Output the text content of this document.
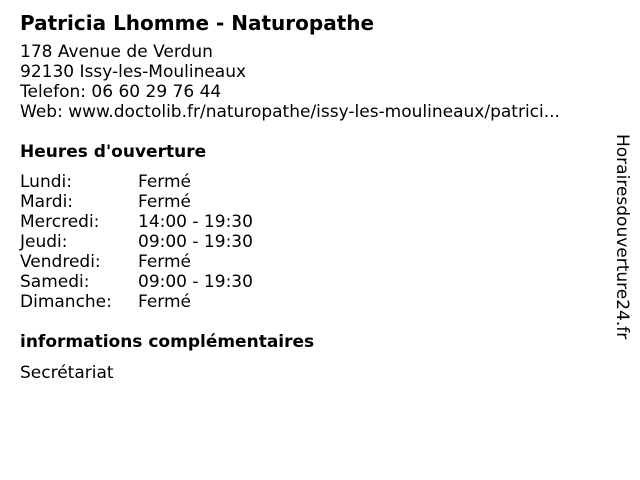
Patricia Lhomme - Naturopathe
178 Avenue de Verdun
92130 Issy-les-Moulineaux
Telefon: 06 60 29 76 44
Web: www.doctolib.fr/naturopathe/issy-les-moulineaux/patrici...
Heures d'ouverture
Lundi:	Fermé
Mardi:	Fermé
Mercredi:	14:00 - 19:30
Jeudi:	09:00 - 19:30
Vendredi:	Fermé
Samedi:	09:00 - 19:30
Dimanche:	Fermé
informations complémentaires
Secrétariat
Horairesdouverture24.fr
